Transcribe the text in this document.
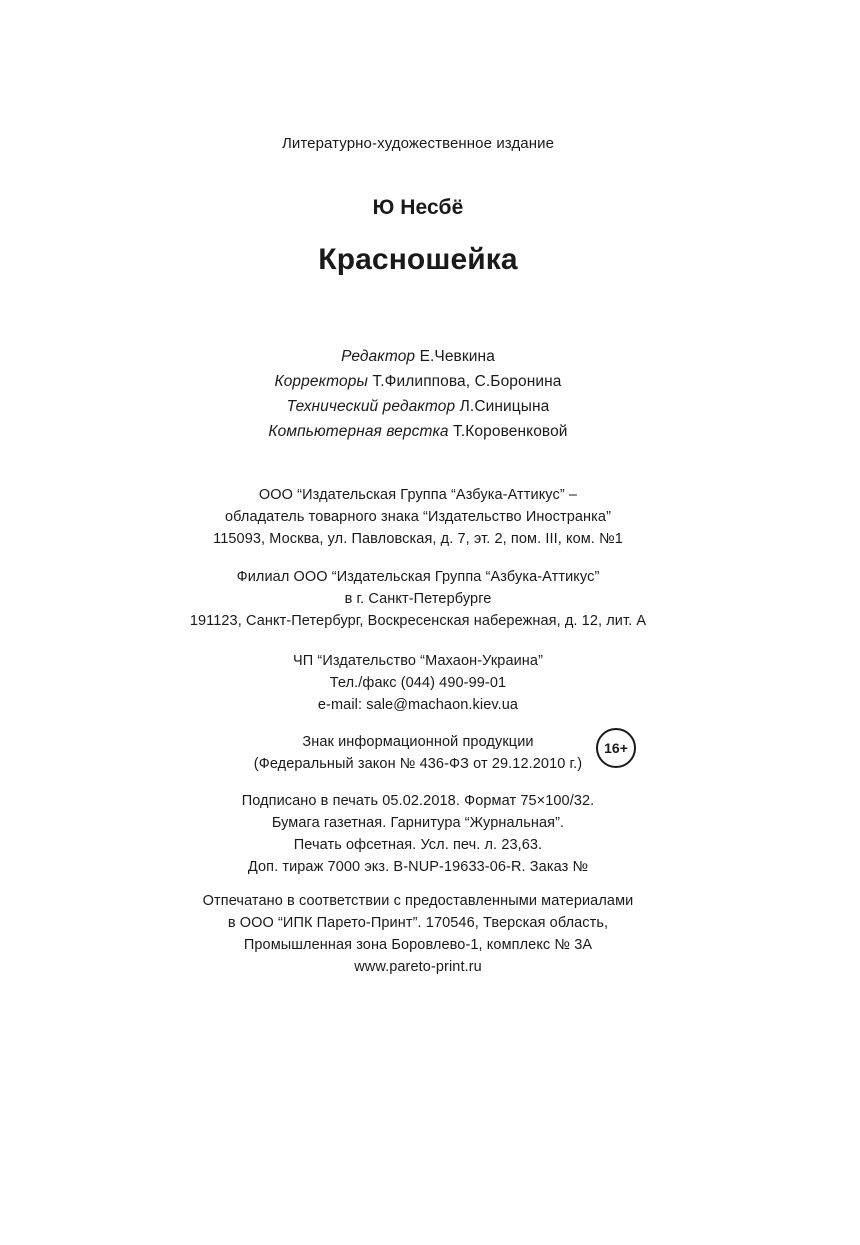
Литературно-художественное издание
Ю Несбё
Красношейка
Редактор Е.Чевкина
Корректоры Т.Филиппова, С.Боронина
Технический редактор Л.Синицына
Компьютерная верстка Т.Коровенковой
ООО “Издательская Группа “Азбука-Аттикус” –
обладатель товарного знака “Издательство Иностранка”
115093, Москва, ул. Павловская, д. 7, эт. 2, пом. III, ком. №1
Филиал ООО “Издательская Группа “Азбука-Аттикус”
в г. Санкт-Петербурге
191123, Санкт-Петербург, Воскресенская набережная, д. 12, лит. А
ЧП “Издательство “Махаон-Украина”
Тел./факс (044) 490-99-01
e-mail: sale@machaon.kiev.ua
Знак информационной продукции
(Федеральный закон № 436-ФЗ от 29.12.2010 г.)
16+
Подписано в печать 05.02.2018. Формат 75×100/32.
Бумага газетная. Гарнитура “Журнальная”.
Печать офсетная. Усл. печ. л. 23,63.
Доп. тираж 7000 экз. B-NUP-19633-06-R. Заказ №
Отпечатано в соответствии с предоставленными материалами
в ООО “ИПК Парето-Принт”. 170546, Тверская область,
Промышленная зона Боровлево-1, комплекс № 3А
www.pareto-print.ru
